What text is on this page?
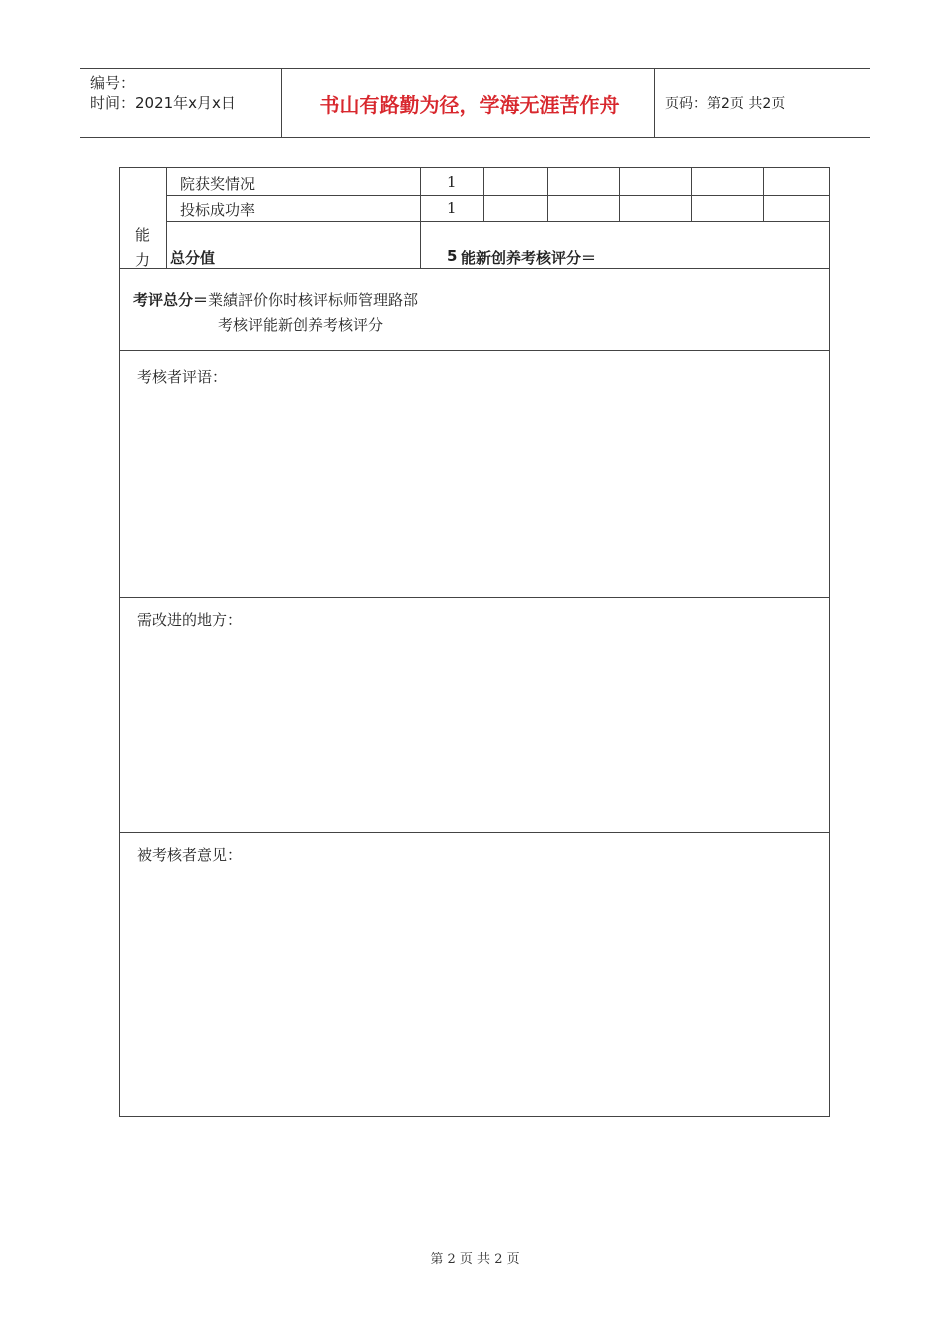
编号：
时间：2021年x月x日	书山有路勤为径，学海无涯苦作舟	页码：第2页 共2页
能
力
院获奖情况	1
投标成功率	1
总分值	5 能新创养考核评分＝
考评总分＝業績評价你时核评标师管理路部
考核评能新创养考核评分
考核者评语：
需改进的地方：
被考核者意见：
第 2 页 共 2 页
